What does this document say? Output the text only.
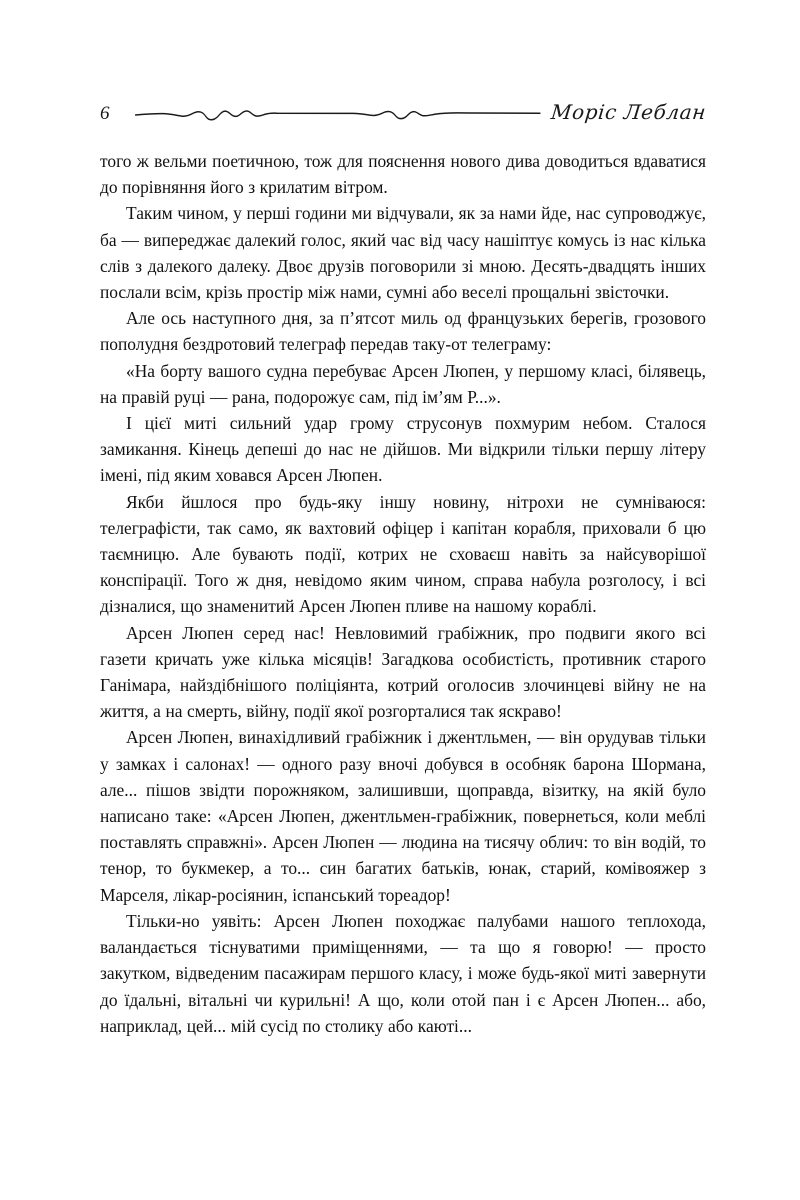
6	Моріс Леблан

того ж вельми поетичною, тож для пояснення нового дива доводиться вдаватися до порівняння його з крилатим вітром.

Таким чином, у перші години ми відчували, як за нами йде, нас супроводжує, ба — випереджає далекий голос, який час від часу нашіптує комусь із нас кілька слів з далекого далеку. Двоє друзів поговорили зі мною. Десять-двадцять інших послали всім, крізь простір між нами, сумні або веселі прощальні звісточки.

Але ось наступного дня, за п’ятсот миль од французьких берегів, грозового пополудня бездротовий телеграф передав таку-от телеграму:

«На борту вашого судна перебуває Арсен Люпен, у першому класі, білявець, на правій руці — рана, подорожує сам, під ім’ям Р...».

І цієї миті сильний удар грому струсонув похмурим небом. Сталося замикання. Кінець депеші до нас не дійшов. Ми відкрили тільки першу літеру імені, під яким ховався Арсен Люпен.

Якби йшлося про будь-яку іншу новину, нітрохи не сумніваюся: телеграфісти, так само, як вахтовий офіцер і капітан корабля, приховали б цю таємницю. Але бувають події, котрих не сховаєш навіть за найсуворішої конспірації. Того ж дня, невідомо яким чином, справа набула розголосу, і всі дізналися, що знаменитий Арсен Люпен пливе на нашому кораблі.

Арсен Люпен серед нас! Невловимий грабіжник, про подвиги якого всі газети кричать уже кілька місяців! Загадкова особистість, противник старого Ганімара, найздібнішого поліціянта, котрий оголосив злочинцеві війну не на життя, а на смерть, війну, події якої розгорталися так яскраво!

Арсен Люпен, винахідливий грабіжник і джентльмен, — він орудував тільки у замках і салонах! — одного разу вночі добувся в особняк барона Шормана, але... пішов звідти порожняком, залишивши, щоправда, візитку, на якій було написано таке: «Арсен Люпен, джентльмен-грабіжник, повернеться, коли меблі поставлять справжні». Арсен Люпен — людина на тисячу облич: то він водій, то тенор, то букмекер, а то... син багатих батьків, юнак, старий, комівояжер з Марселя, лікар-росіянин, іспанський тореадор!

Тільки-но уявіть: Арсен Люпен походжає палубами нашого теплохода, валандається тіснуватими приміщеннями, — та що я говорю! — просто закутком, відведеним пасажирам першого класу, і може будь-якої миті завернути до їдальні, вітальні чи курильні! А що, коли отой пан і є Арсен Люпен... або, наприклад, цей... мій сусід по столику або каюті...
